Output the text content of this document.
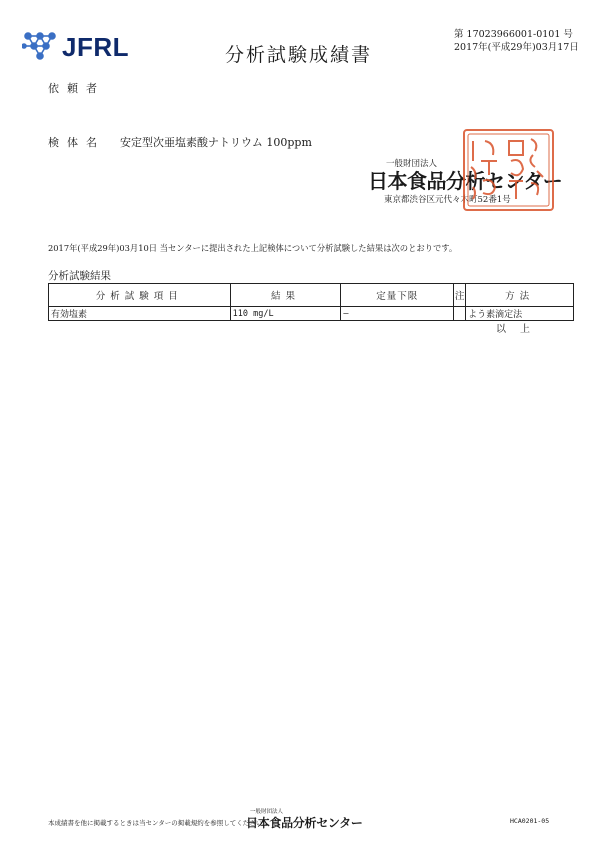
JFRL	分析試験成績書
第 17023966001-0101 号
2017年(平成29年)03月17日
依頼者
検体名 安定型次亜塩素酸ナトリウム 100ppm
一般財団法人
日本食品分析センター
東京都渋谷区元代々木町52番1号
2017年(平成29年)03月10日 当センターに提出された上記検体について分析試験した結果は次のとおりです。
分析試験結果
分析試験項目	結果	定量下限	注	方法
有効塩素	110 mg/L	—		よう素滴定法
以上
本成績書を他に掲載するときは当センターの掲載規約を参照してください。
一般財団法人
日本食品分析センター	HCA0201-05
